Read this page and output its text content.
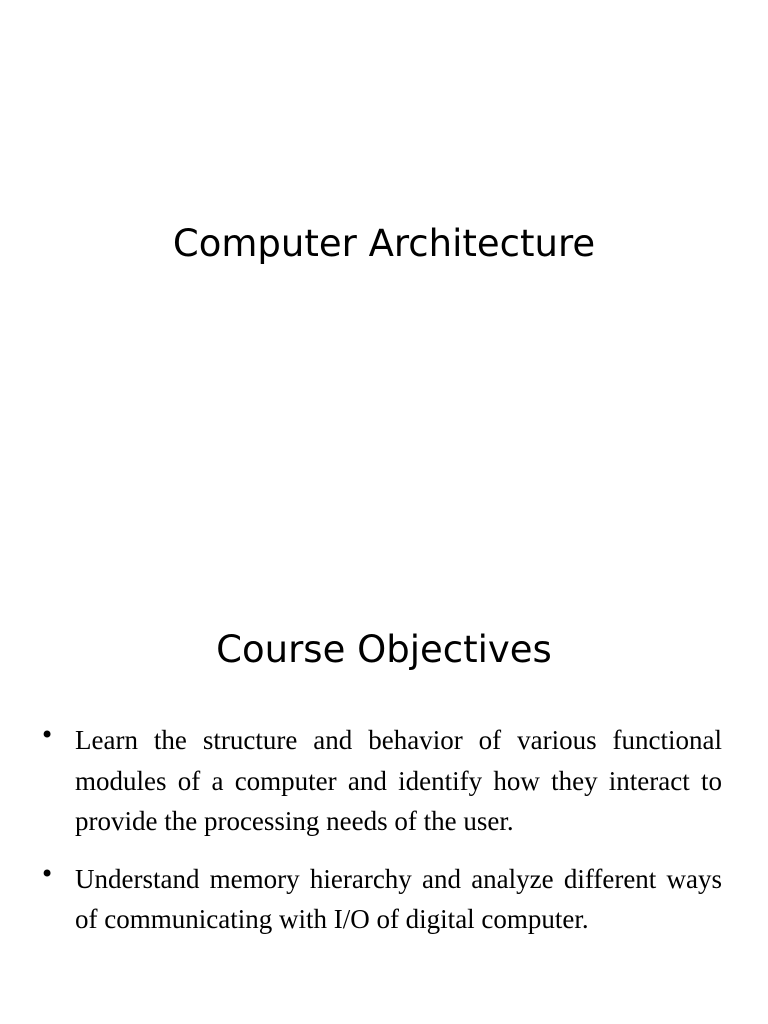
Computer Architecture
Course Objectives
• Learn the structure and behavior of various functional modules of a computer and identify how they interact to provide the processing needs of the user.
• Understand memory hierarchy and analyze different ways of communicating with I/O of digital computer.
